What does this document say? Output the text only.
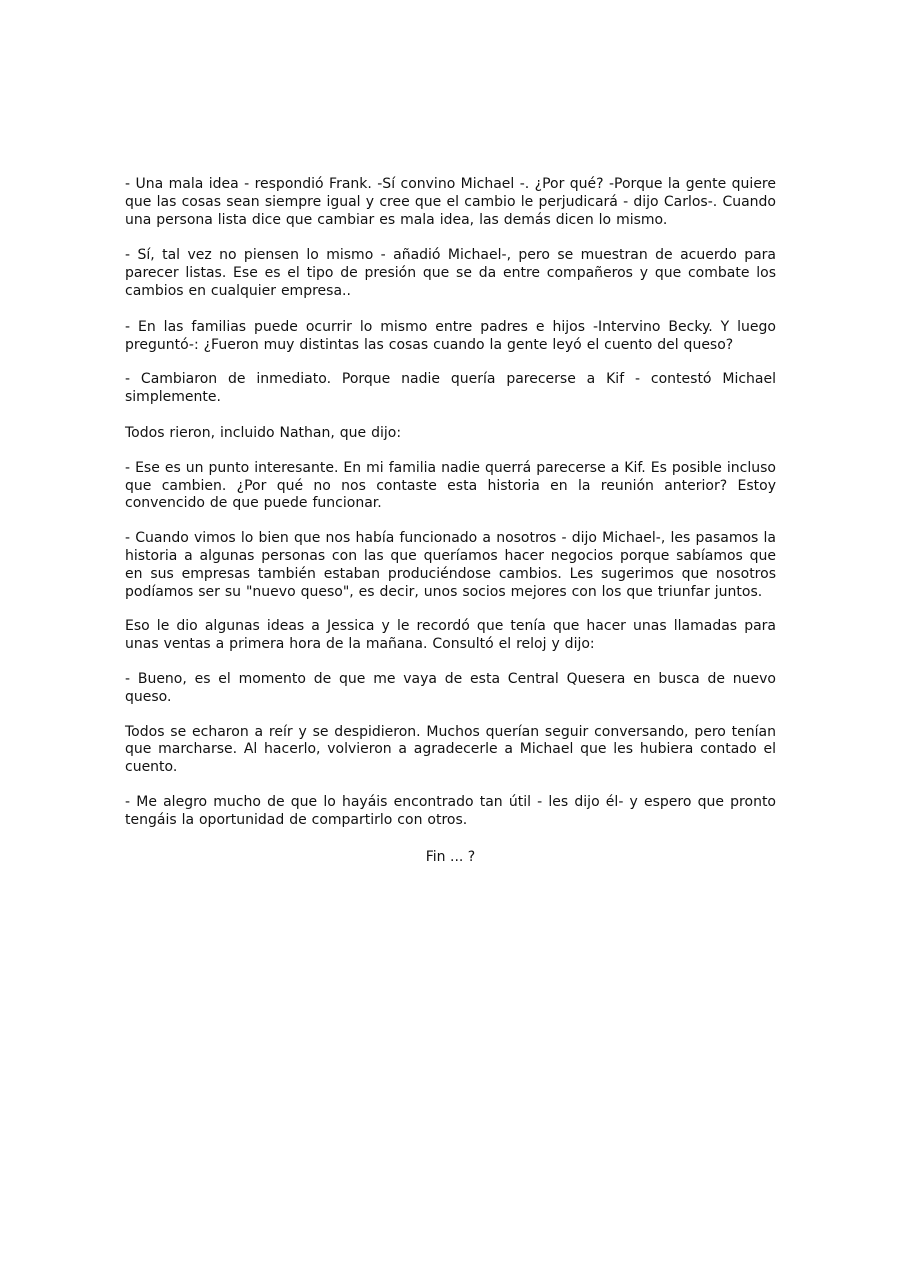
- Una mala idea - respondió Frank. -Sí convino Michael -. ¿Por qué? -Porque la gente quiere que las cosas sean siempre igual y cree que el cambio le perjudicará - dijo Carlos-. Cuando una persona lista dice que cambiar es mala idea, las demás dicen lo mismo.

- Sí, tal vez no piensen lo mismo - añadió Michael-, pero se muestran de acuerdo para parecer listas. Ese es el tipo de presión que se da entre compañeros y que combate los cambios en cualquier empresa..

- En las familias puede ocurrir lo mismo entre padres e hijos -Intervino Becky. Y luego preguntó-: ¿Fueron muy distintas las cosas cuando la gente leyó el cuento del queso?

- Cambiaron de inmediato. Porque nadie quería parecerse a Kif - contestó Michael simplemente.

Todos rieron, incluido Nathan, que dijo:

- Ese es un punto interesante. En mi familia nadie querrá parecerse a Kif. Es posible incluso que cambien. ¿Por qué no nos contaste esta historia en la reunión anterior? Estoy convencido de que puede funcionar.

- Cuando vimos lo bien que nos había funcionado a nosotros - dijo Michael-, les pasamos la historia a algunas personas con las que queríamos hacer negocios porque sabíamos que en sus empresas también estaban produciéndose cambios. Les sugerimos que nosotros podíamos ser su "nuevo queso", es decir, unos socios mejores con los que triunfar juntos.

Eso le dio algunas ideas a Jessica y le recordó que tenía que hacer unas llamadas para unas ventas a primera hora de la mañana. Consultó el reloj y dijo:

- Bueno, es el momento de que me vaya de esta Central Quesera en busca de nuevo queso.

Todos se echaron a reír y se despidieron. Muchos querían seguir conversando, pero tenían que marcharse. Al hacerlo, volvieron a agradecerle a Michael que les hubiera contado el cuento.

- Me alegro mucho de que lo hayáis encontrado tan útil - les dijo él- y espero que pronto tengáis la oportunidad de compartirlo con otros.

Fin ... ?
